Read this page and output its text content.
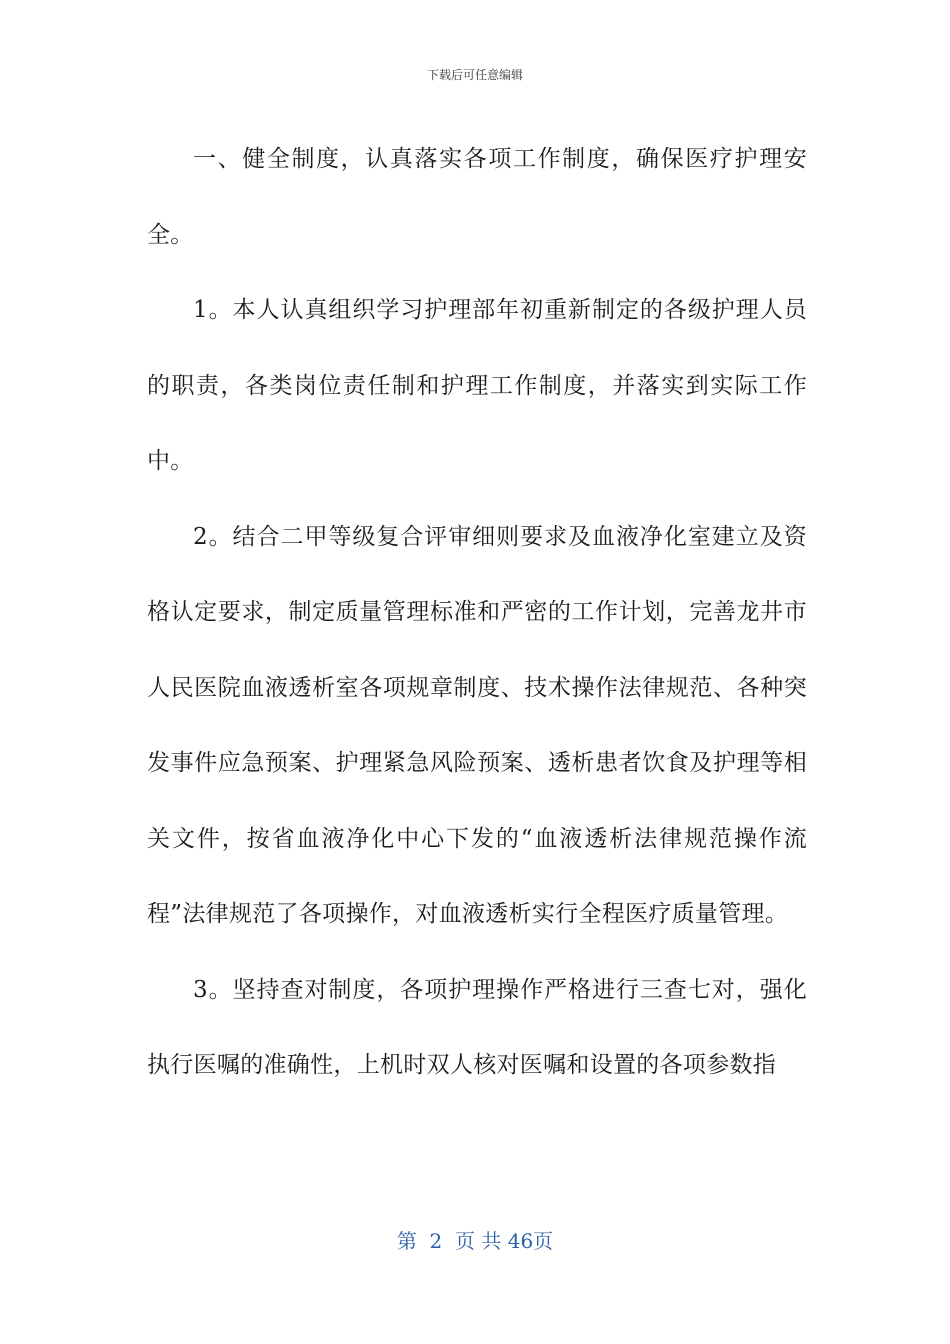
下载后可任意编辑

一、健全制度，认真落实各项工作制度，确保医疗护理安全。

1。本人认真组织学习护理部年初重新制定的各级护理人员的职责，各类岗位责任制和护理工作制度，并落实到实际工作中。

2。结合二甲等级复合评审细则要求及血液净化室建立及资格认定要求，制定质量管理标准和严密的工作计划，完善龙井市人民医院血液透析室各项规章制度、技术操作法律规范、各种突发事件应急预案、护理紧急风险预案、透析患者饮食及护理等相关文件，按省血液净化中心下发的“血液透析法律规范操作流程”法律规范了各项操作，对血液透析实行全程医疗质量管理。

3。坚持查对制度，各项护理操作严格进行三查七对，强化执行医嘱的准确性，上机时双人核对医嘱和设置的各项参数指

第 2 页 共 46页
